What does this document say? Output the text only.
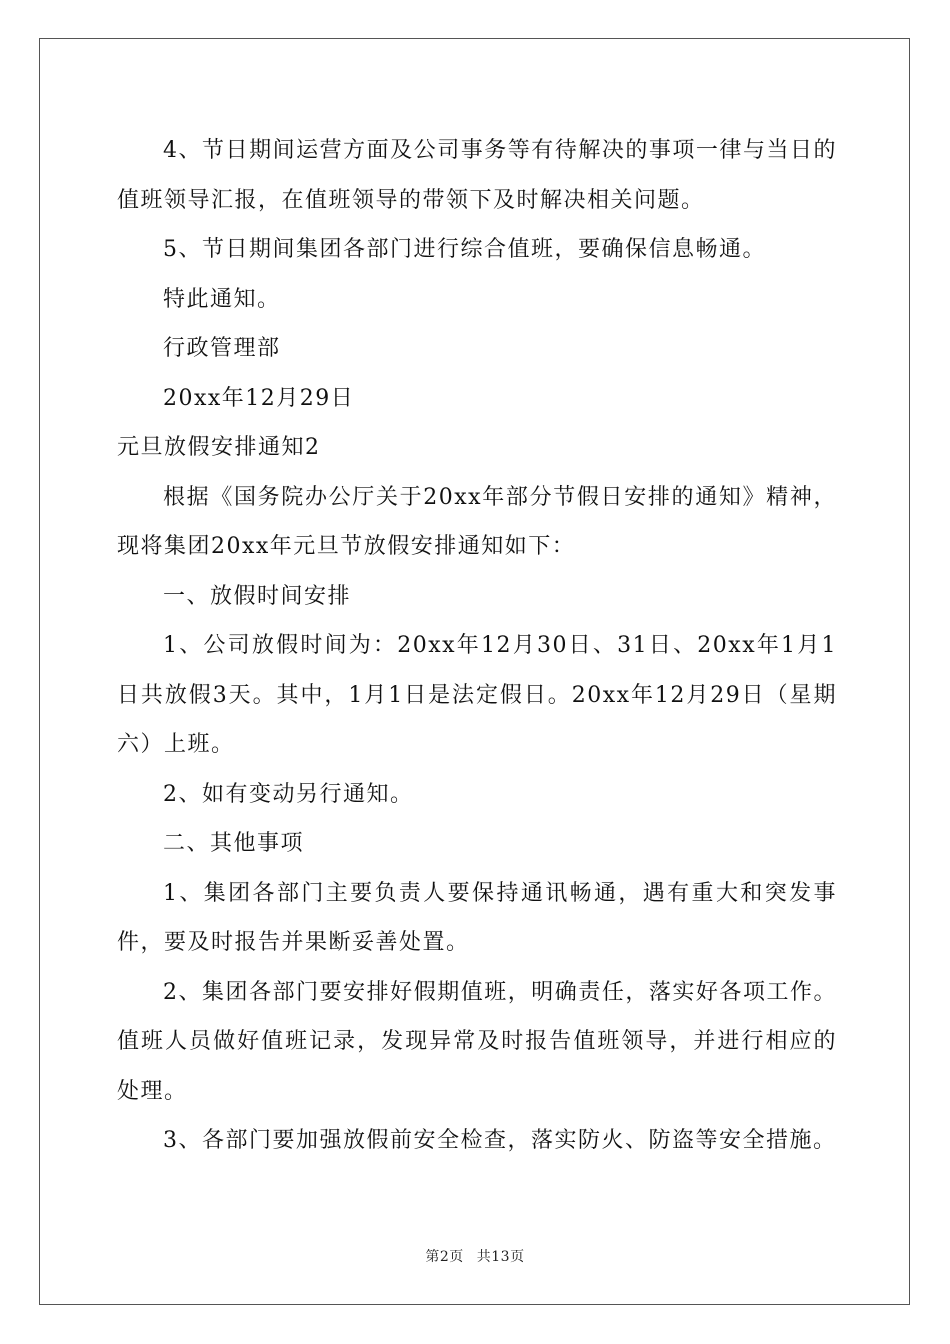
4、节日期间运营方面及公司事务等有待解决的事项一律与当日的值班领导汇报，在值班领导的带领下及时解决相关问题。

5、节日期间集团各部门进行综合值班，要确保信息畅通。

特此通知。

行政管理部

20xx年12月29日

元旦放假安排通知2

根据《国务院办公厅关于20xx年部分节假日安排的通知》精神，现将集团20xx年元旦节放假安排通知如下：

一、放假时间安排

1、公司放假时间为：20xx年12月30日、31日、20xx年1月1日共放假3天。其中，1月1日是法定假日。20xx年12月29日（星期六）上班。

2、如有变动另行通知。

二、其他事项

1、集团各部门主要负责人要保持通讯畅通，遇有重大和突发事件，要及时报告并果断妥善处置。

2、集团各部门要安排好假期值班，明确责任，落实好各项工作。值班人员做好值班记录，发现异常及时报告值班领导，并进行相应的处理。

3、各部门要加强放假前安全检查，落实防火、防盗等安全措施。

第2页 共13页
